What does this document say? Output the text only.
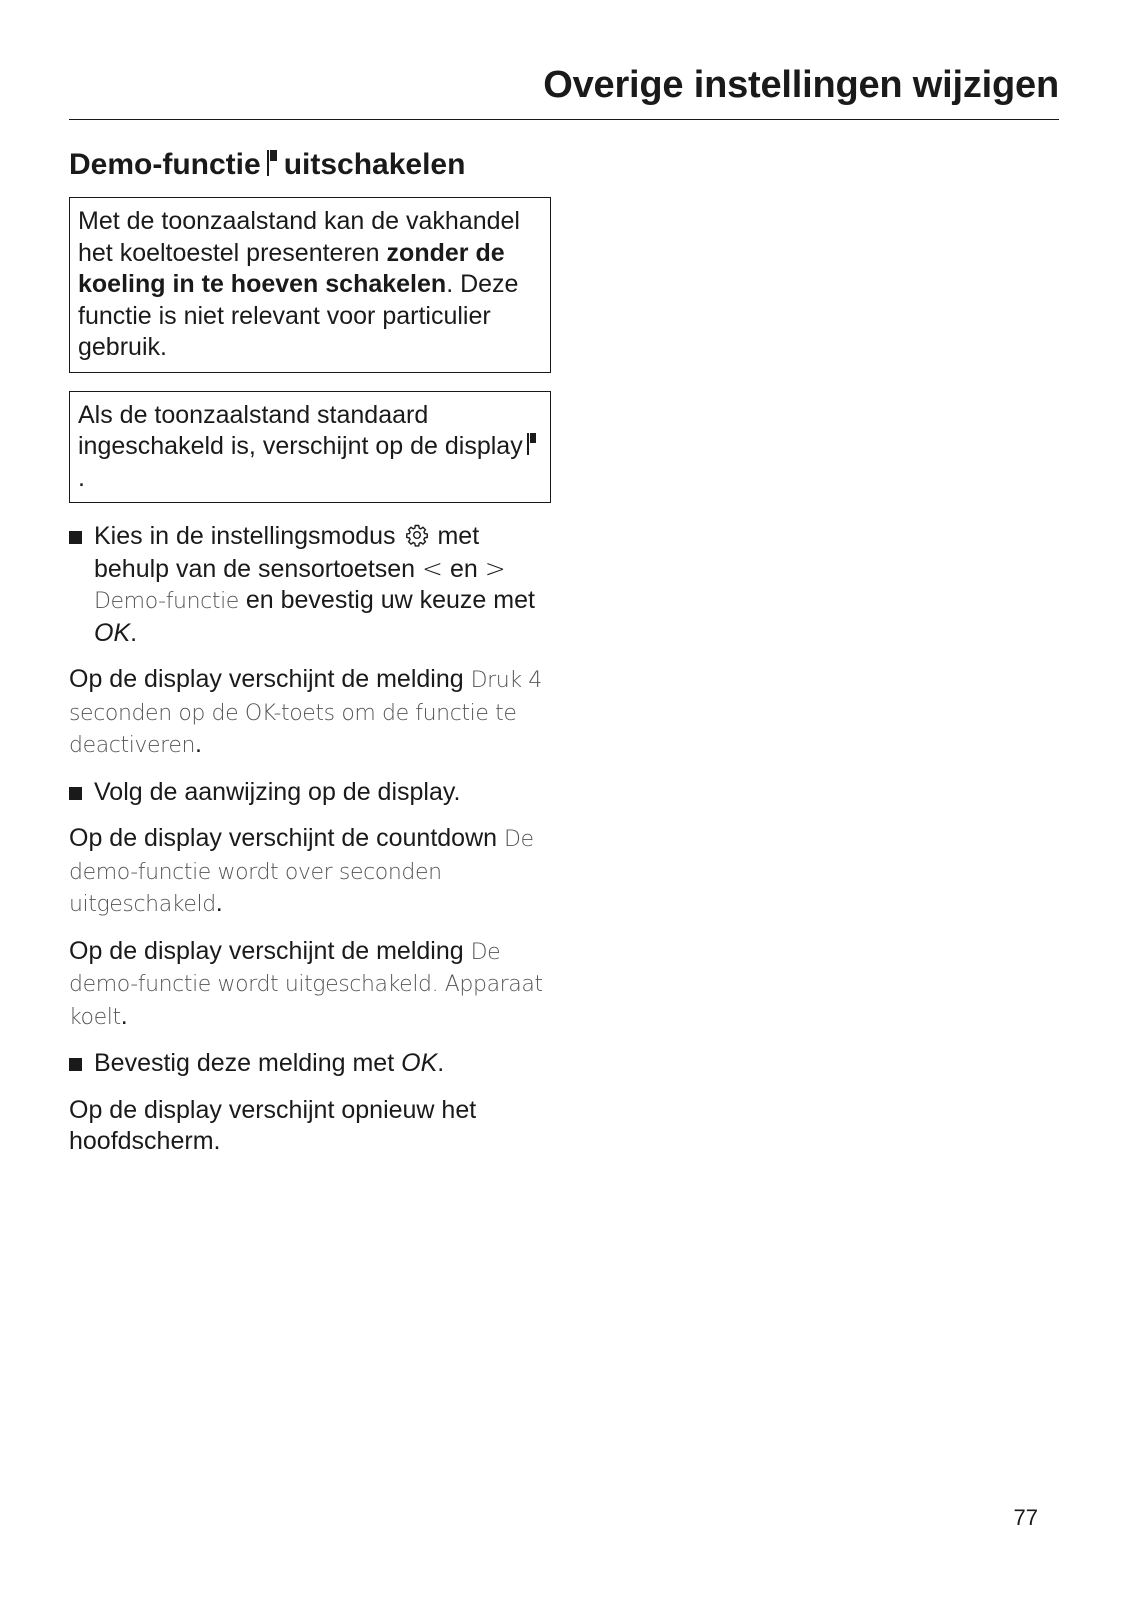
Overige instellingen wijzigen
Demo-functie uitschakelen

Met de toonzaalstand kan de vakhandel het koeltoestel presenteren zonder de koeling in te hoeven schakelen. Deze functie is niet relevant voor particulier gebruik.

Als de toonzaalstand standaard ingeschakeld is, verschijnt op de display
.

Kies in de instellingsmodus met behulp van de sensortoetsen < en > Demo-functie en bevestig uw keuze met OK.

Op de display verschijnt de melding Druk 4 seconden op de OK-toets om de functie te deactiveren.

Volg de aanwijzing op de display.

Op de display verschijnt de countdown De demo-functie wordt over seconden uitgeschakeld.

Op de display verschijnt de melding De demo-functie wordt uitgeschakeld. Apparaat koelt.

Bevestig deze melding met OK.

Op de display verschijnt opnieuw het hoofdscherm.

77
